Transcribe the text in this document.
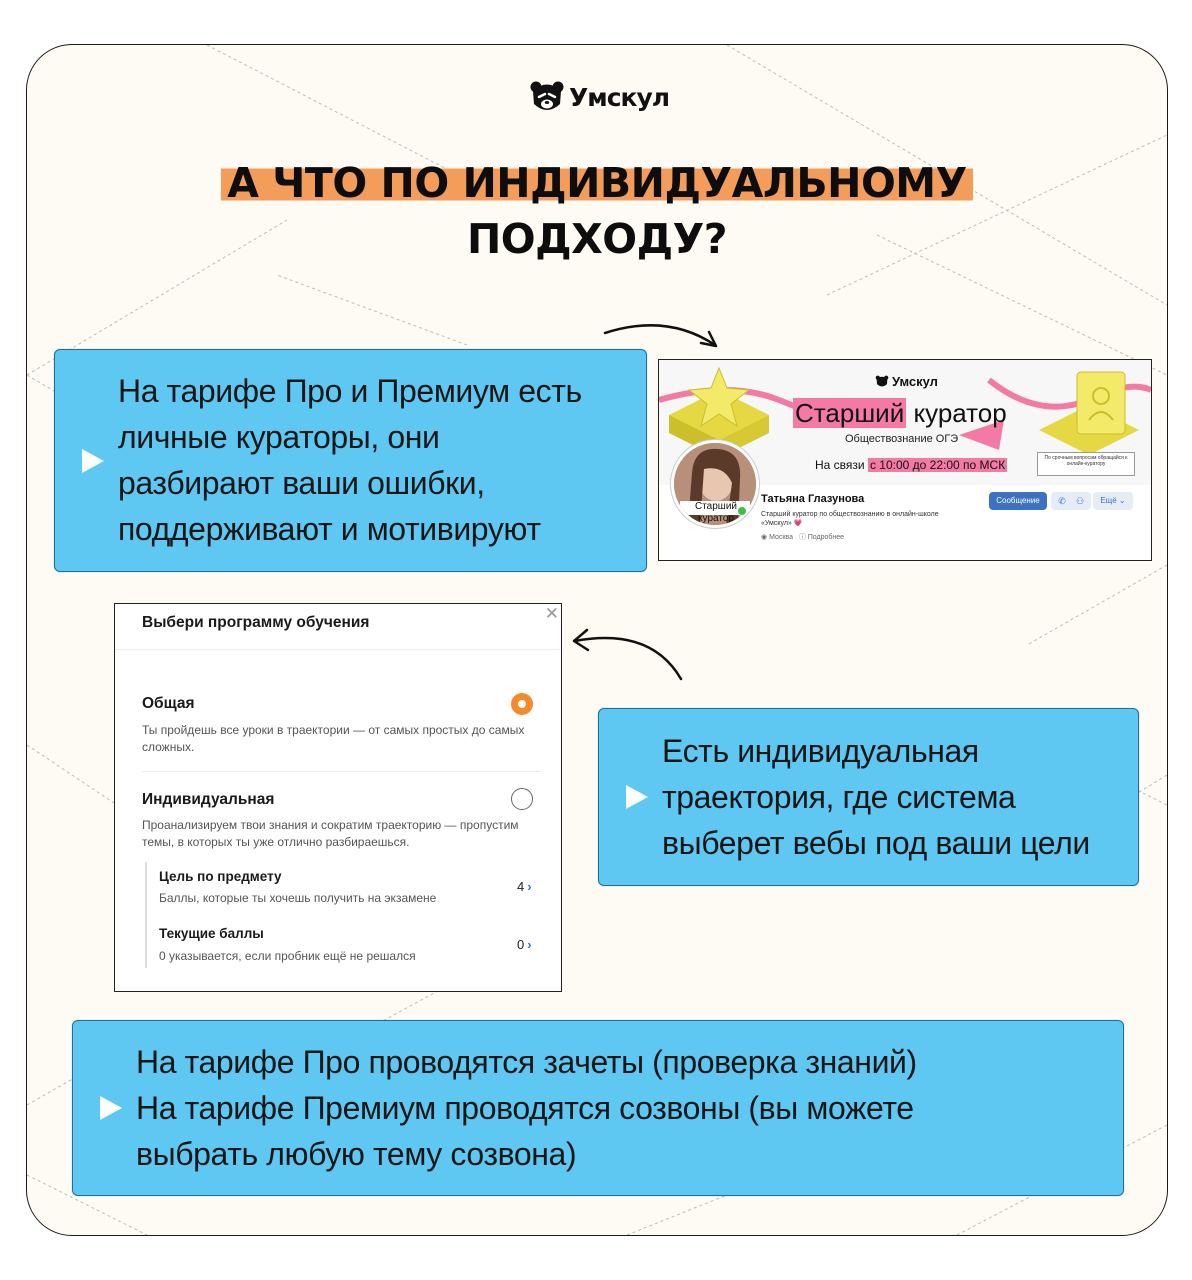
Умскул
А ЧТО ПО ИНДИВИДУАЛЬНОМУ
ПОДХОДУ?
На тарифе Про и Премиум есть
личные кураторы, они
разбирают ваши ошибки,
поддерживают и мотивируют
Умскул
Старший куратор
Обществознание ОГЭ
На связи с 10:00 до 22:00 по МСК	По срочным вопросам обращайся к онлайн-куратору
Старший куратор
Татьяна Глазунова
Старший куратор по обществознанию в онлайн-школе «Умскул» 💗
◉ Москва ⓘ Подробнее
Сообщение	✆	⚇	Ещё ⌄
Выбери программу обучения	✕
Общая
Ты пройдешь все уроки в траектории — от самых простых до самых сложных.
Индивидуальная
Проанализируем твои знания и сократим траекторию — пропустим темы, в которых ты уже отлично разбираешься.
Цель по предмету
Баллы, которые ты хочешь получить на экзамене
4 ›
Текущие баллы
0 указывается, если пробник ещё не решался
0 ›
Есть индивидуальная
траектория, где система
выберет вебы под ваши цели
На тарифе Про проводятся зачеты (проверка знаний)
На тарифе Премиум проводятся созвоны (вы можете
выбрать любую тему созвона)
